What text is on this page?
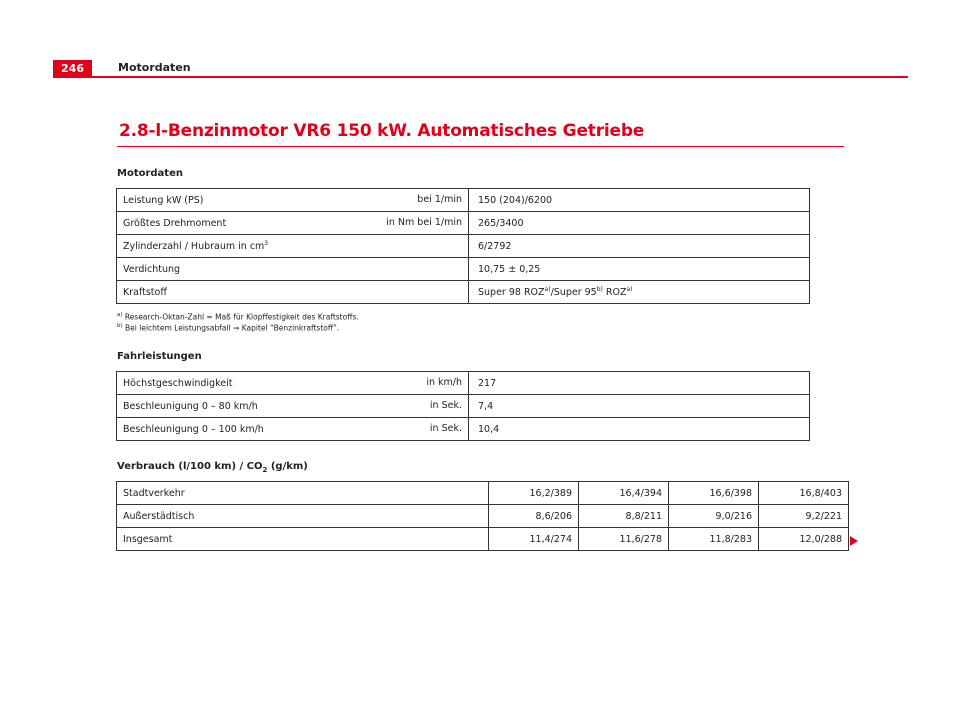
246	Motordaten
2.8-l-Benzinmotor VR6 150 kW. Automatisches Getriebe
Motordaten
Leistung kW (PS) bei 1/min	150 (204)/6200
Größtes Drehmoment in Nm bei 1/min	265/3400
Zylinderzahl / Hubraum in $cm^3$	6/2792
Verdichtung	10,75 ± 0,25
Kraftstoff	Super 98 ROZ$^{a)}$/Super 95$^{b)}$ ROZ$^{a)}$
$^{a)}$ Research-Oktan-Zahl = Maß für Klopffestigkeit des Kraftstoffs.
$^{b)}$ Bei leichtem Leistungsabfall ⇒ Kapitel “Benzinkraftstoff”.
Fahrleistungen
Höchstgeschwindigkeit in km/h	217
Beschleunigung 0 – 80 km/h in Sek.	7,4
Beschleunigung 0 – 100 km/h in Sek.	10,4
Verbrauch (l/100 $km) / CO_2$ (g/km)
Stadtverkehr	16,2/389	16,4/394	16,6/398	16,8/403
Außerstädtisch	8,6/206	8,8/211	9,0/216	9,2/221
Insgesamt	11,4/274	11,6/278	11,8/283	12,0/288
